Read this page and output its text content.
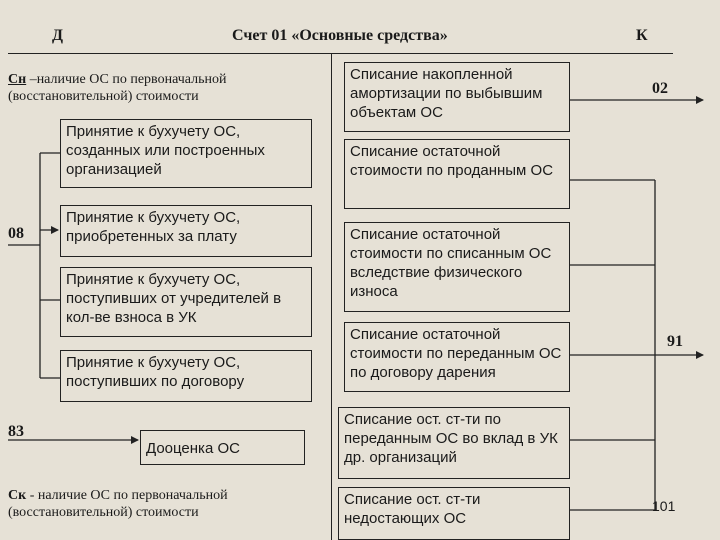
Д	Счет 01 «Основные средства»	К
Сн –наличие ОС по первоначальной (восстановительной) стоимости
Принятие к бухучету ОС, созданных или построенных организацией
Принятие к бухучету ОС, приобретенных за плату
Принятие к бухучету ОС, поступивших от учредителей в кол-ве взноса в УК
Принятие к бухучету ОС, поступивших по договору
Дооценка ОС
08
83
Ск - наличие ОС по первоначальной (восстановительной) стоимости
Списание накопленной амортизации по выбывшим объектам ОС
Списание остаточной стоимости по проданным ОС
Списание остаточной стоимости по списанным ОС вследствие физического износа
Списание остаточной стоимости по переданным ОС по договору дарения
Списание ост. ст-ти по переданным ОС во вклад в УК др. организаций
Списание ост. ст-ти недостающих ОС
02
91
101
